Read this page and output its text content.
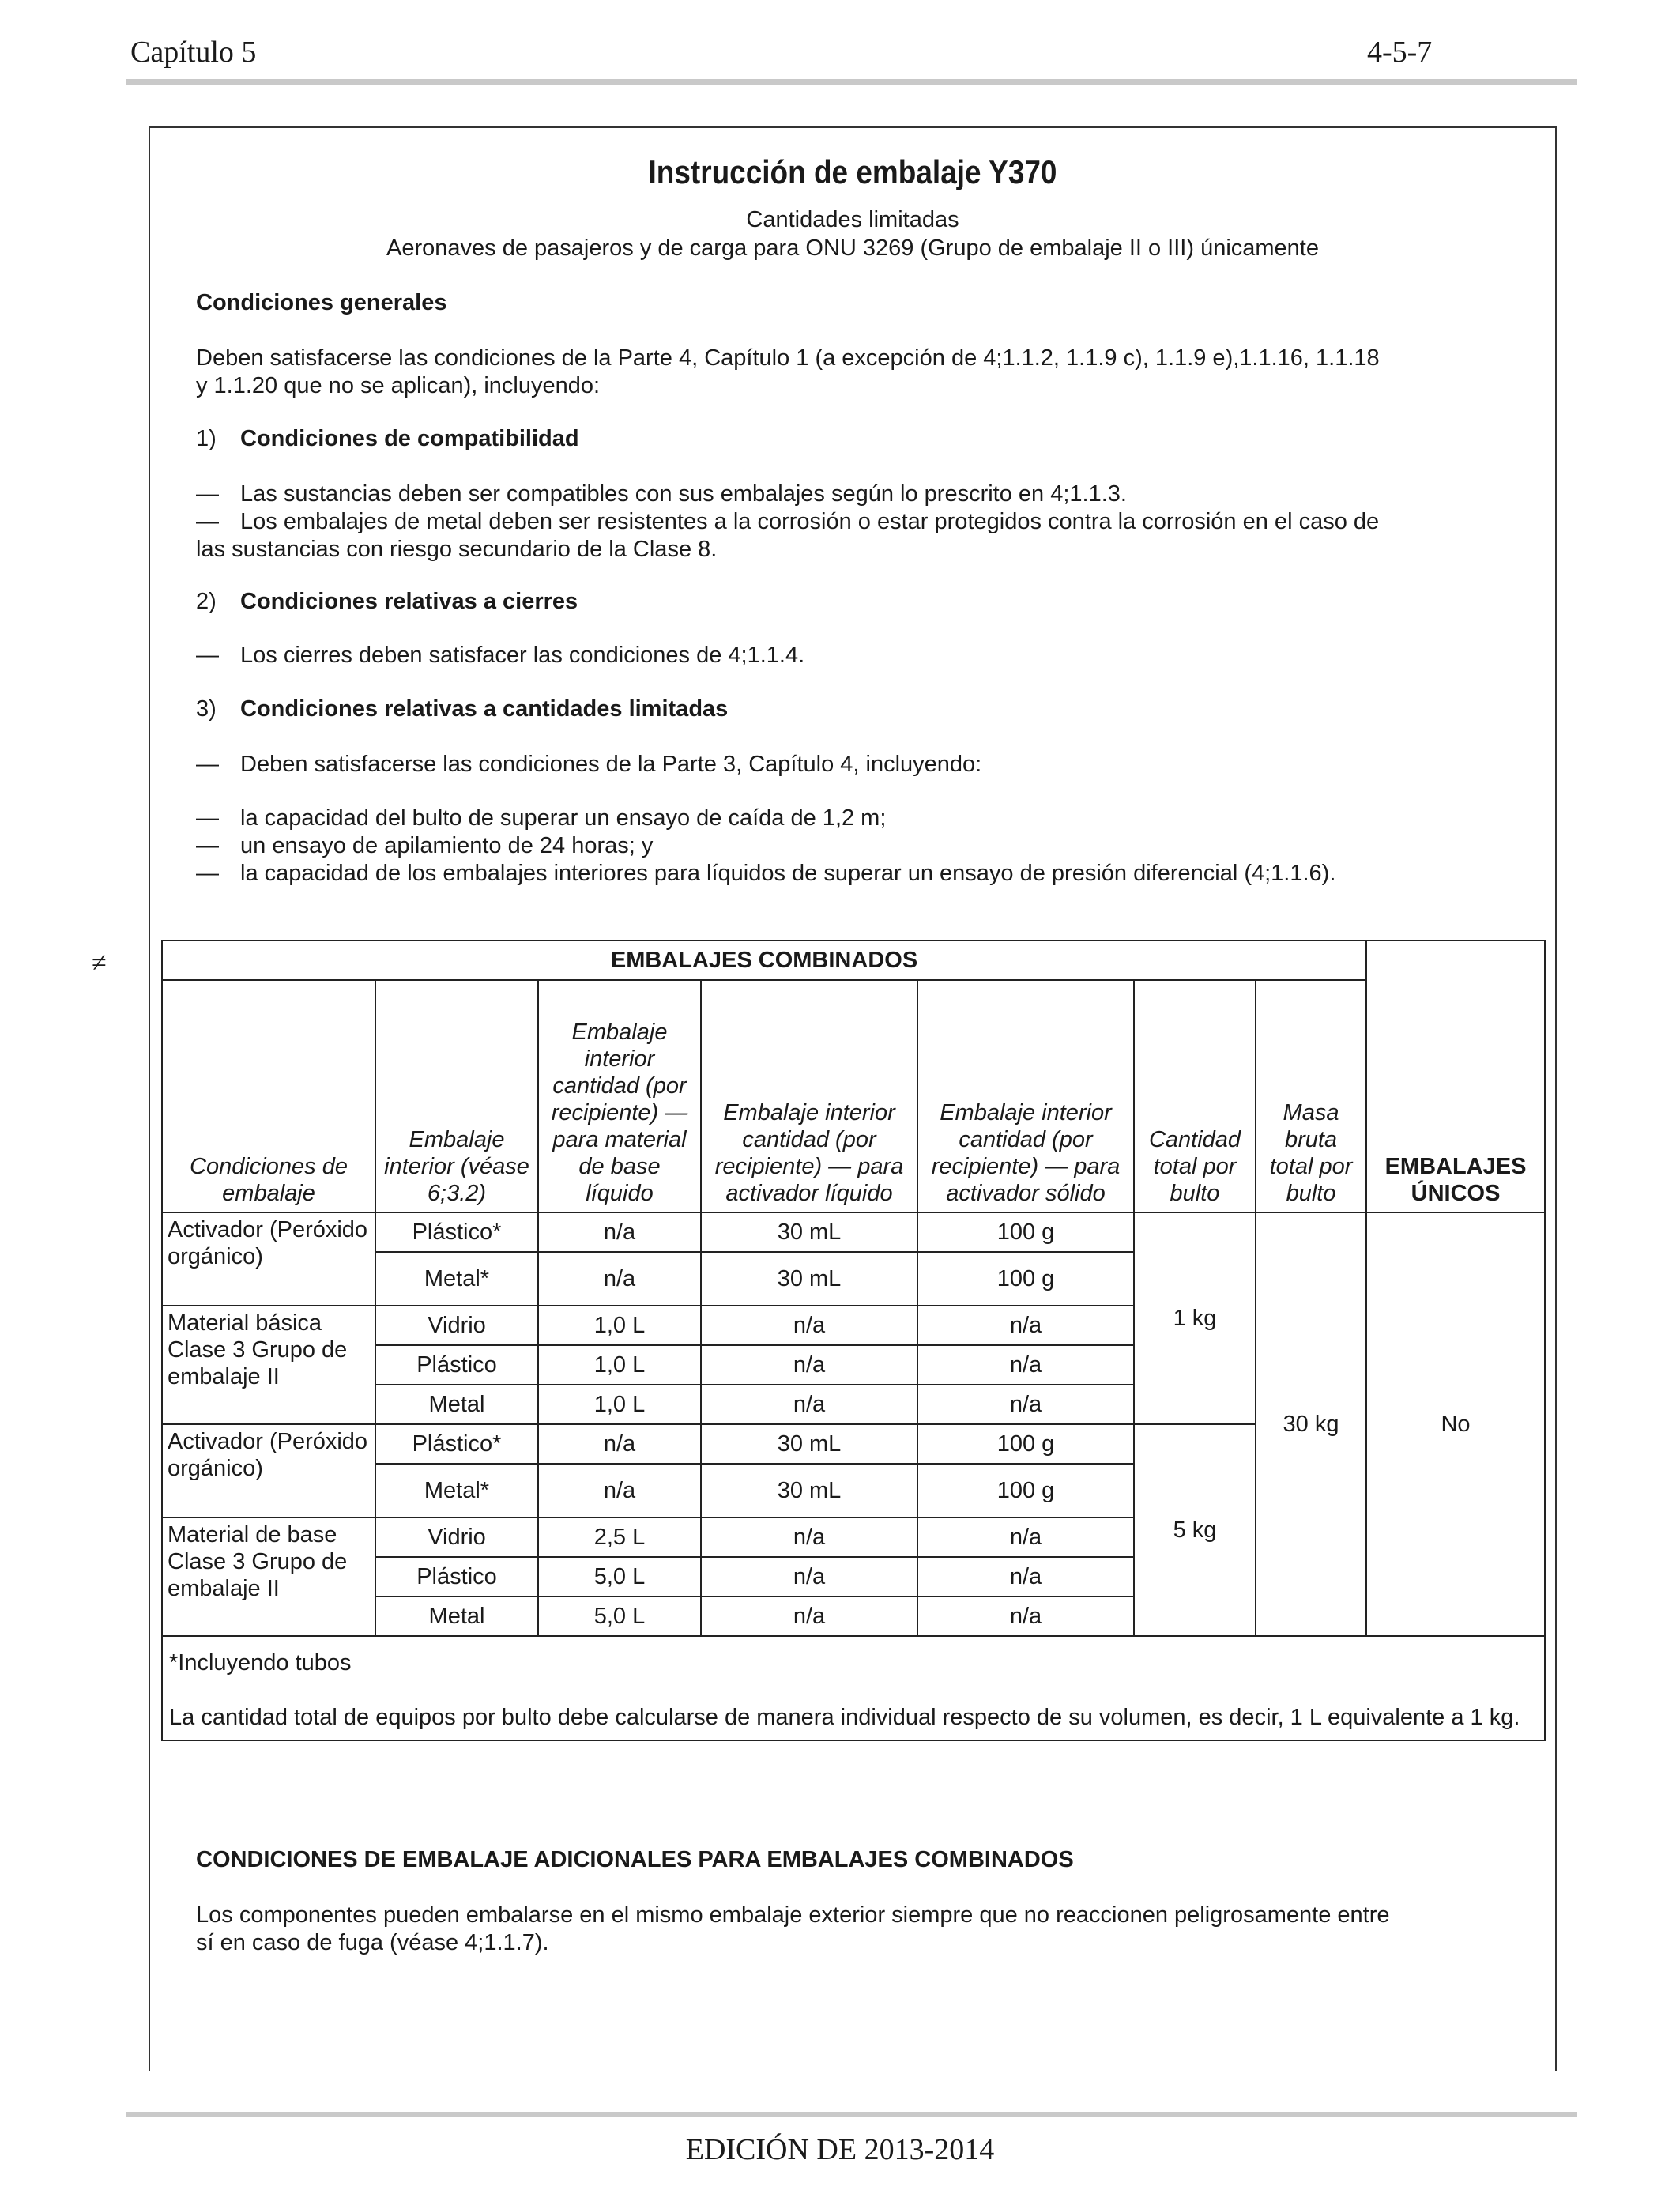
Capítulo 5	4-5-7
≠
Instrucción de embalaje Y370
Cantidades limitadas
Aeronaves de pasajeros y de carga para ONU 3269 (Grupo de embalaje II o III) únicamente
Condiciones generales
Deben satisfacerse las condiciones de la Parte 4, Capítulo 1 (a excepción de 4;1.1.2, 1.1.9 c), 1.1.9 e),1.1.16, 1.1.18
y 1.1.20 que no se aplican), incluyendo:
1) Condiciones de compatibilidad
— Las sustancias deben ser compatibles con sus embalajes según lo prescrito en 4;1.1.3.
— Los embalajes de metal deben ser resistentes a la corrosión o estar protegidos contra la corrosión en el caso de
las sustancias con riesgo secundario de la Clase 8.
2) Condiciones relativas a cierres
— Los cierres deben satisfacer las condiciones de 4;1.1.4.
3) Condiciones relativas a cantidades limitadas
— Deben satisfacerse las condiciones de la Parte 3, Capítulo 4, incluyendo:
— la capacidad del bulto de superar un ensayo de caída de 1,2 m;
— un ensayo de apilamiento de 24 horas; y
— la capacidad de los embalajes interiores para líquidos de superar un ensayo de presión diferencial (4;1.1.6).
EMBALAJES COMBINADOS							EMBALAJES ÚNICOS
Condiciones de embalaje	Embalaje interior (véase 6;3.2)	Embalaje interior cantidad (por recipiente) — para material de base líquido	Embalaje interior cantidad (por recipiente) — para activador líquido	Embalaje interior cantidad (por recipiente) — para activador sólido	Cantidad total por bulto	Masa bruta total por bulto	
Activador (Peróxido orgánico)	Plástico*	n/a	30 mL	100 g	1 kg	30 kg	No
	Metal*	n/a	30 mL	100 g			
Material básica Clase 3 Grupo de embalaje II	Vidrio	1,0 L	n/a	n/a			
	Plástico	1,0 L	n/a	n/a			
	Metal	1,0 L	n/a	n/a			
Activador (Peróxido orgánico)	Plástico*	n/a	30 mL	100 g	5 kg		
	Metal*	n/a	30 mL	100 g			
Material de base Clase 3 Grupo de embalaje II	Vidrio	2,5 L	n/a	n/a			
	Plástico	5,0 L	n/a	n/a			
	Metal	5,0 L	n/a	n/a			

*Incluyendo tubos
La cantidad total de equipos por bulto debe calcularse de manera individual respecto de su volumen, es decir, 1 L equivalente a 1 kg.							
CONDICIONES DE EMBALAJE ADICIONALES PARA EMBALAJES COMBINADOS
Los componentes pueden embalarse en el mismo embalaje exterior siempre que no reaccionen peligrosamente entre
sí en caso de fuga (véase 4;1.1.7).
EDICIÓN DE 2013-2014
